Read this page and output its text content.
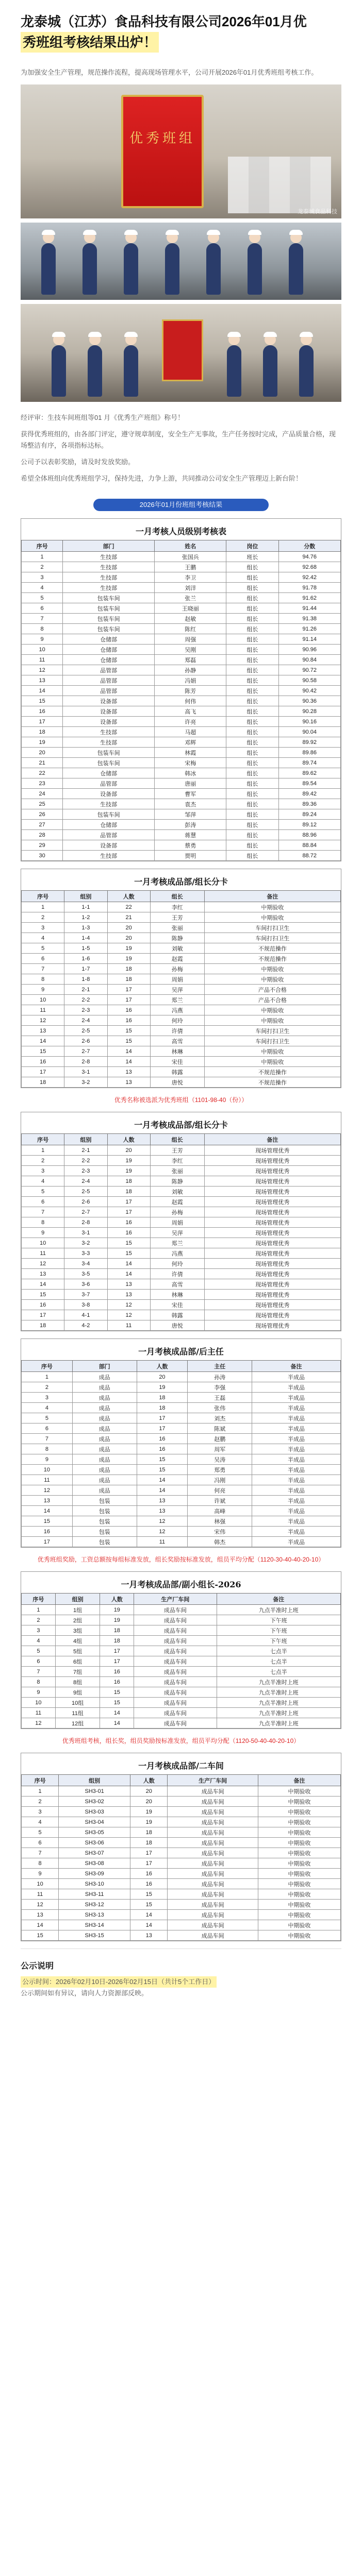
龙泰城（江苏）食品科技有限公司2026年01月优
秀班组考核结果出炉！
为加强安全生产管理，规范操作流程，提高现场管理水平，公司开展2026年01月优秀班组考核工作。
优秀班组
龙泰城食品科技

经评审：生技车间班组等01 月《优秀生产班组》称号！

获得优秀班组的，由各部门评定，遵守规章制度，安全生产无事故，生产任务按时完成，产品质量合格，现场整洁有序，各项指标达标。

公司予以表彰奖励，请及时发放奖励。

希望全体班组向优秀班组学习，保持先进，力争上游，共同推动公司安全生产管理迈上新台阶！

2026年01月份班组考核结果
一月考核人员级别考核表
序号	部门	姓名	岗位	分数
1	生技部	张国兵	班长	94.76
2	生技部	王鹏	组长	92.68
3	生技部	李卫	组长	92.42
4	生技部	刘洋	组长	91.78
5	包装车间	张兰	组长	91.62
6	包装车间	王晓丽	组长	91.44
7	包装车间	赵敏	组长	91.38
8	包装车间	陈红	组长	91.26
9	仓储部	周强	组长	91.14
10	仓储部	吴刚	组长	90.96
11	仓储部	郑磊	组长	90.84
12	品管部	孙静	组长	90.72
13	品管部	冯娟	组长	90.58
14	品管部	陈芳	组长	90.42
15	设备部	何伟	组长	90.36
16	设备部	高飞	组长	90.28
17	设备部	许亮	组长	90.16
18	生技部	马超	组长	90.04
19	生技部	邓辉	组长	89.92
20	包装车间	林霞	组长	89.86
21	包装车间	宋梅	组长	89.74
22	仓储部	韩冰	组长	89.62
23	品管部	唐丽	组长	89.54
24	设备部	曹军	组长	89.42
25	生技部	袁杰	组长	89.36
26	包装车间	邹萍	组长	89.24
27	仓储部	彭涛	组长	89.12
28	品管部	蒋慧	组长	88.96
29	设备部	蔡勇	组长	88.84
30	生技部	贾明	组长	88.72
一月考核成品部/组长分卡
序号	组别	人数	组长	备注
1	1-1	22	李红	中期验收
2	1-2	21	王芳	中期验收
3	1-3	20	张丽	车间打扫卫生
4	1-4	20	陈静	车间打扫卫生
5	1-5	19	刘敏	不规范操作
6	1-6	19	赵霞	不规范操作
7	1-7	18	孙梅	中期验收
8	1-8	18	周娟	中期验收
9	2-1	17	吴萍	产品不合格
10	2-2	17	郑兰	产品不合格
11	2-3	16	冯燕	中期验收
12	2-4	16	何玲	中期验收
13	2-5	15	许倩	车间打扫卫生
14	2-6	15	高雪	车间打扫卫生
15	2-7	14	林琳	中期验收
16	2-8	14	宋佳	中期验收
17	3-1	13	韩露	不规范操作
18	3-2	13	唐悦	不规范操作
优秀名称被选派为优秀班组（1101-98-40（份））
一月考核成品部/组长分卡
序号	组别	人数	组长	备注
1	2-1	20	王芳	现场管理优秀
2	2-2	19	李红	现场管理优秀
3	2-3	19	张丽	现场管理优秀
4	2-4	18	陈静	现场管理优秀
5	2-5	18	刘敏	现场管理优秀
6	2-6	17	赵霞	现场管理优秀
7	2-7	17	孙梅	现场管理优秀
8	2-8	16	周娟	现场管理优秀
9	3-1	16	吴萍	现场管理优秀
10	3-2	15	郑兰	现场管理优秀
11	3-3	15	冯燕	现场管理优秀
12	3-4	14	何玲	现场管理优秀
13	3-5	14	许倩	现场管理优秀
14	3-6	13	高雪	现场管理优秀
15	3-7	13	林琳	现场管理优秀
16	3-8	12	宋佳	现场管理优秀
17	4-1	12	韩露	现场管理优秀
18	4-2	11	唐悦	现场管理优秀
一月考核成品部/后主任
序号	部门	人数	主任	备注
1	成品	20	孙涛	半成品
2	成品	19	李强	半成品
3	成品	18	王磊	半成品
4	成品	18	张伟	半成品
5	成品	17	刘杰	半成品
6	成品	17	陈斌	半成品
7	成品	16	赵鹏	半成品
8	成品	16	周军	半成品
9	成品	15	吴涛	半成品
10	成品	15	郑勇	半成品
11	成品	14	冯刚	半成品
12	成品	14	何亮	半成品
13	包装	13	许斌	半成品
14	包装	13	高峰	半成品
15	包装	12	林强	半成品
16	包装	12	宋伟	半成品
17	包装	11	韩杰	半成品
优秀班组奖励，工资总额按每组标准发放，组长奖励按标准发放，组员平均分配（1120-30-40-40-20-10）
一月考核成品部/副小组长-2026
序号	组别	人数	生产厂车间	备注
1	1组	19	成品车间	九点半准时上班
2	2组	19	成品车间	下午班
3	3组	18	成品车间	下午班
4	4组	18	成品车间	下午班
5	5组	17	成品车间	七点半
6	6组	17	成品车间	七点半
7	7组	16	成品车间	七点半
8	8组	16	成品车间	九点半准时上班
9	9组	15	成品车间	九点半准时上班
10	10组	15	成品车间	九点半准时上班
11	11组	14	成品车间	九点半准时上班
12	12组	14	成品车间	九点半准时上班
优秀班组考核，组长奖，组员奖励按标准发放，组员平均分配（1120-50-40-40-20-10）
一月考核成品部/二车间
序号	组别	人数	生产厂车间	备注
1	SH3-01	20	成品车间	中期验收
2	SH3-02	20	成品车间	中期验收
3	SH3-03	19	成品车间	中期验收
4	SH3-04	19	成品车间	中期验收
5	SH3-05	18	成品车间	中期验收
6	SH3-06	18	成品车间	中期验收
7	SH3-07	17	成品车间	中期验收
8	SH3-08	17	成品车间	中期验收
9	SH3-09	16	成品车间	中期验收
10	SH3-10	16	成品车间	中期验收
11	SH3-11	15	成品车间	中期验收
12	SH3-12	15	成品车间	中期验收
13	SH3-13	14	成品车间	中期验收
14	SH3-14	14	成品车间	中期验收
15	SH3-15	13	成品车间	中期验收
公示说明

公示时间：2026年02月10日-2026年02月15日（共计5个工作日）

公示期间如有异议，请向人力资源部反映。
